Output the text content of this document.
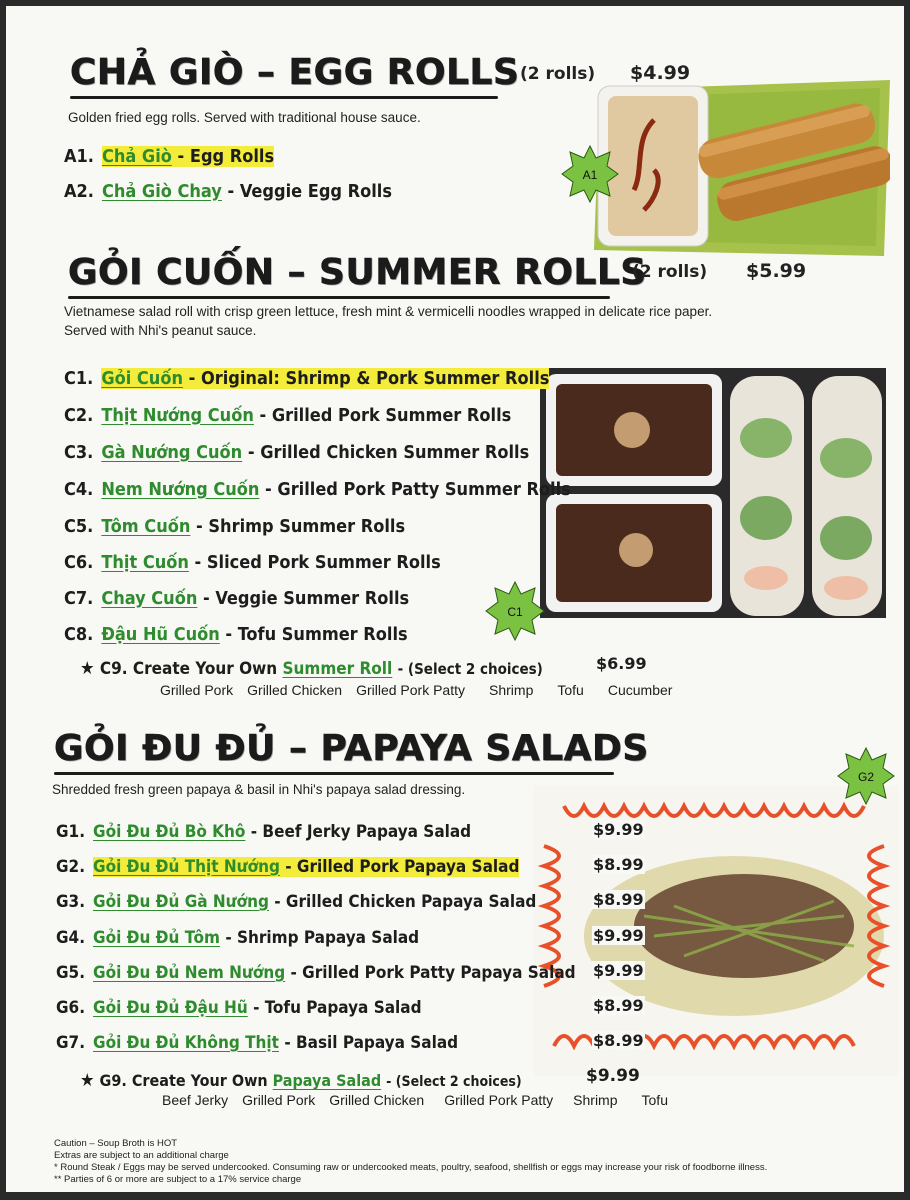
CHẢ GIÒ – EGG ROLLS (2 rolls) $4.99
Golden fried egg rolls. Served with traditional house sauce.
A1. Chả Giò - Egg Rolls
A2. Chả Giò Chay - Veggie Egg Rolls
A1
GỎI CUỐN – SUMMER ROLLS
(2 rolls) $5.99
Vietnamese salad roll with crisp green lettuce, fresh mint & vermicelli noodles wrapped in delicate rice paper.
Served with Nhi's peanut sauce.
C1. Gỏi Cuốn - Original: Shrimp & Pork Summer Rolls
C2. Thịt Nướng Cuốn - Grilled Pork Summer Rolls
C3. Gà Nướng Cuốn - Grilled Chicken Summer Rolls
C4. Nem Nướng Cuốn - Grilled Pork Patty Summer Rolls
C5. Tôm Cuốn - Shrimp Summer Rolls
C6. Thịt Cuốn - Sliced Pork Summer Rolls
C7. Chay Cuốn - Veggie Summer Rolls
C8. Đậu Hũ Cuốn - Tofu Summer Rolls
C1
★ C9. Create Your Own Summer Roll - (Select 2 choices)	$6.99
Grilled Pork Grilled Chicken Grilled Pork Patty Shrimp Tofu Cucumber
GỎI ĐU ĐỦ – PAPAYA SALADS
Shredded fresh green papaya & basil in Nhi's papaya salad dressing.
G2
G1. Gỏi Đu Đủ Bò Khô - Beef Jerky Papaya Salad	$9.99
G2. Gỏi Đu Đủ Thịt Nướng - Grilled Pork Papaya Salad	$8.99
G3. Gỏi Đu Đủ Gà Nướng - Grilled Chicken Papaya Salad	$8.99
G4. Gỏi Đu Đủ Tôm - Shrimp Papaya Salad	$9.99
G5. Gỏi Đu Đủ Nem Nướng - Grilled Pork Patty Papaya Salad $9.99
G6. Gỏi Đu Đủ Đậu Hũ - Tofu Papaya Salad	$8.99
G7. Gỏi Đu Đủ Không Thịt - Basil Papaya Salad	$8.99
★ G9. Create Your Own Papaya Salad - (Select 2 choices)	$9.99
Beef Jerky Grilled Pork Grilled Chicken Grilled Pork Patty Shrimp Tofu
Caution – Soup Broth is HOT
Extras are subject to an additional charge
* Round Steak / Eggs may be served undercooked. Consuming raw or undercooked meats, poultry, seafood, shellfish or eggs may increase your risk of foodborne illness.
** Parties of 6 or more are subject to a 17% service charge
